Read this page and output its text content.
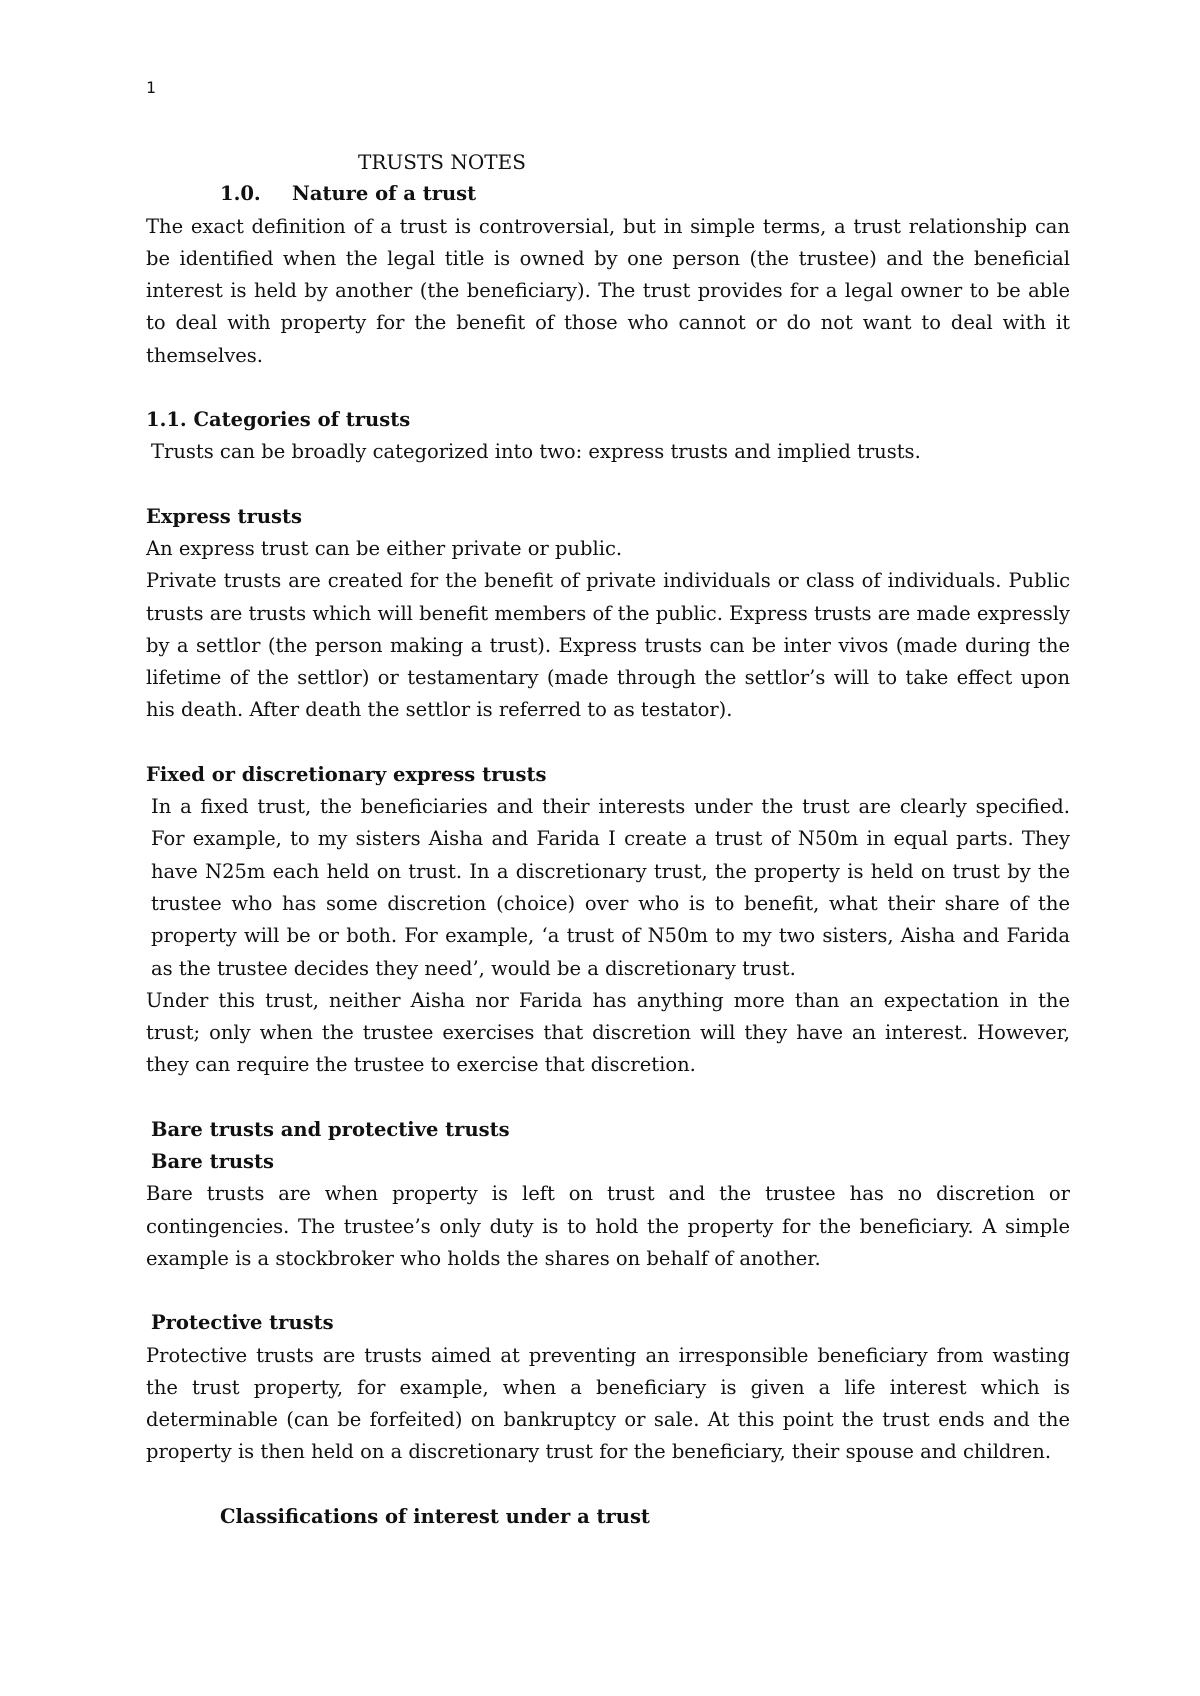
1

TRUSTS NOTES

1.0. Nature of a trust

The exact definition of a trust is controversial, but in simple terms, a trust relationship can be identified when the legal title is owned by one person (the trustee) and the beneficial interest is held by another (the beneficiary). The trust provides for a legal owner to be able to deal with property for the benefit of those who cannot or do not want to deal with it themselves.

1.1. Categories of trusts

Trusts can be broadly categorized into two: express trusts and implied trusts.

Express trusts

An express trust can be either private or public.

Private trusts are created for the benefit of private individuals or class of individuals. Public trusts are trusts which will benefit members of the public. Express trusts are made expressly by a settlor (the person making a trust). Express trusts can be inter vivos (made during the lifetime of the settlor) or testamentary (made through the settlor’s will to take effect upon his death. After death the settlor is referred to as testator).

Fixed or discretionary express trusts

In a fixed trust, the beneficiaries and their interests under the trust are clearly specified. For example, to my sisters Aisha and Farida I create a trust of N50m in equal parts. They have N25m each held on trust. In a discretionary trust, the property is held on trust by the trustee who has some discretion (choice) over who is to benefit, what their share of the property will be or both. For example, ‘a trust of N50m to my two sisters, Aisha and Farida as the trustee decides they need’, would be a discretionary trust.

Under this trust, neither Aisha nor Farida has anything more than an expectation in the trust; only when the trustee exercises that discretion will they have an interest. However, they can require the trustee to exercise that discretion.

Bare trusts and protective trusts

Bare trusts

Bare trusts are when property is left on trust and the trustee has no discretion or contingencies. The trustee’s only duty is to hold the property for the beneficiary. A simple example is a stockbroker who holds the shares on behalf of another.

Protective trusts

Protective trusts are trusts aimed at preventing an irresponsible beneficiary from wasting the trust property, for example, when a beneficiary is given a life interest which is determinable (can be forfeited) on bankruptcy or sale. At this point the trust ends and the property is then held on a discretionary trust for the beneficiary, their spouse and children.

Classifications of interest under a trust
